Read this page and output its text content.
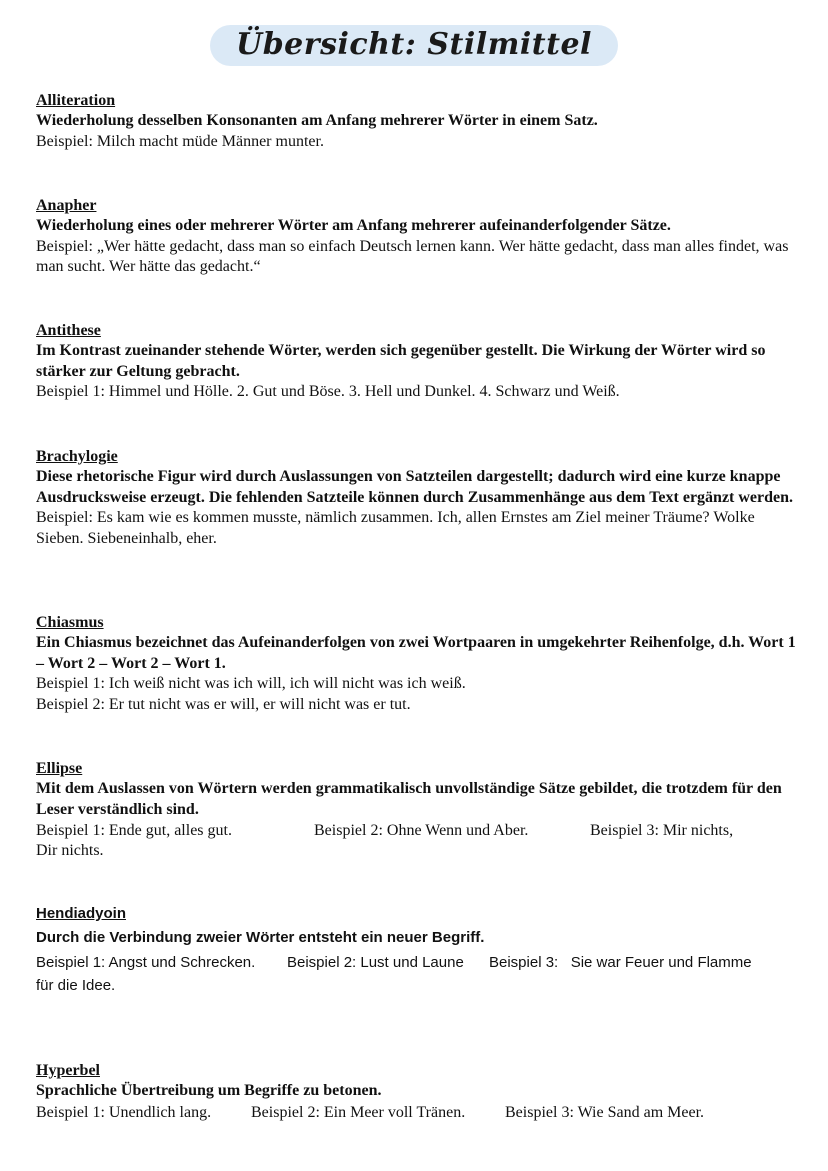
Übersicht: Stilmittel
Alliteration
Wiederholung desselben Konsonanten am Anfang mehrerer Wörter in einem Satz.
Beispiel: Milch macht müde Männer munter.
Anapher
Wiederholung eines oder mehrerer Wörter am Anfang mehrerer aufeinanderfolgender Sätze.
Beispiel: „Wer hätte gedacht, dass man so einfach Deutsch lernen kann. Wer hätte gedacht, dass man alles findet, was man sucht. Wer hätte das gedacht.“
Antithese
Im Kontrast zueinander stehende Wörter, werden sich gegenüber gestellt. Die Wirkung der Wörter wird so stärker zur Geltung gebracht.
Beispiel 1: Himmel und Hölle. 2. Gut und Böse. 3. Hell und Dunkel. 4. Schwarz und Weiß.
Brachylogie
Diese rhetorische Figur wird durch Auslassungen von Satzteilen dargestellt; dadurch wird eine kurze knappe Ausdrucksweise erzeugt. Die fehlenden Satzteile können durch Zusammenhänge aus dem Text ergänzt werden.
Beispiel: Es kam wie es kommen musste, nämlich zusammen. Ich, allen Ernstes am Ziel meiner Träume? Wolke Sieben. Siebeneinhalb, eher.
Chiasmus
Ein Chiasmus bezeichnet das Aufeinanderfolgen von zwei Wortpaaren in umgekehrter Reihenfolge, d.h. Wort 1 – Wort 2 – Wort 2 – Wort 1.
Beispiel 1: Ich weiß nicht was ich will, ich will nicht was ich weiß.
Beispiel 2: Er tut nicht was er will, er will nicht was er tut.
Ellipse
Mit dem Auslassen von Wörtern werden grammatikalisch unvollständige Sätze gebildet, die trotzdem für den Leser verständlich sind.
Beispiel 1: Ende gut, alles gut.	Beispiel 2: Ohne Wenn und Aber.	Beispiel 3: Mir nichts,
Dir nichts.
Hendiadyoin
Durch die Verbindung zweier Wörter entsteht ein neuer Begriff.
Beispiel 1: Angst und Schrecken.	Beispiel 2: Lust und Laune	Beispiel 3:   Sie war Feuer und Flamme
für die Idee.
Hyperbel
Sprachliche Übertreibung um Begriffe zu betonen.
Beispiel 1: Unendlich lang.	Beispiel 2: Ein Meer voll Tränen.	Beispiel 3: Wie Sand am Meer.
